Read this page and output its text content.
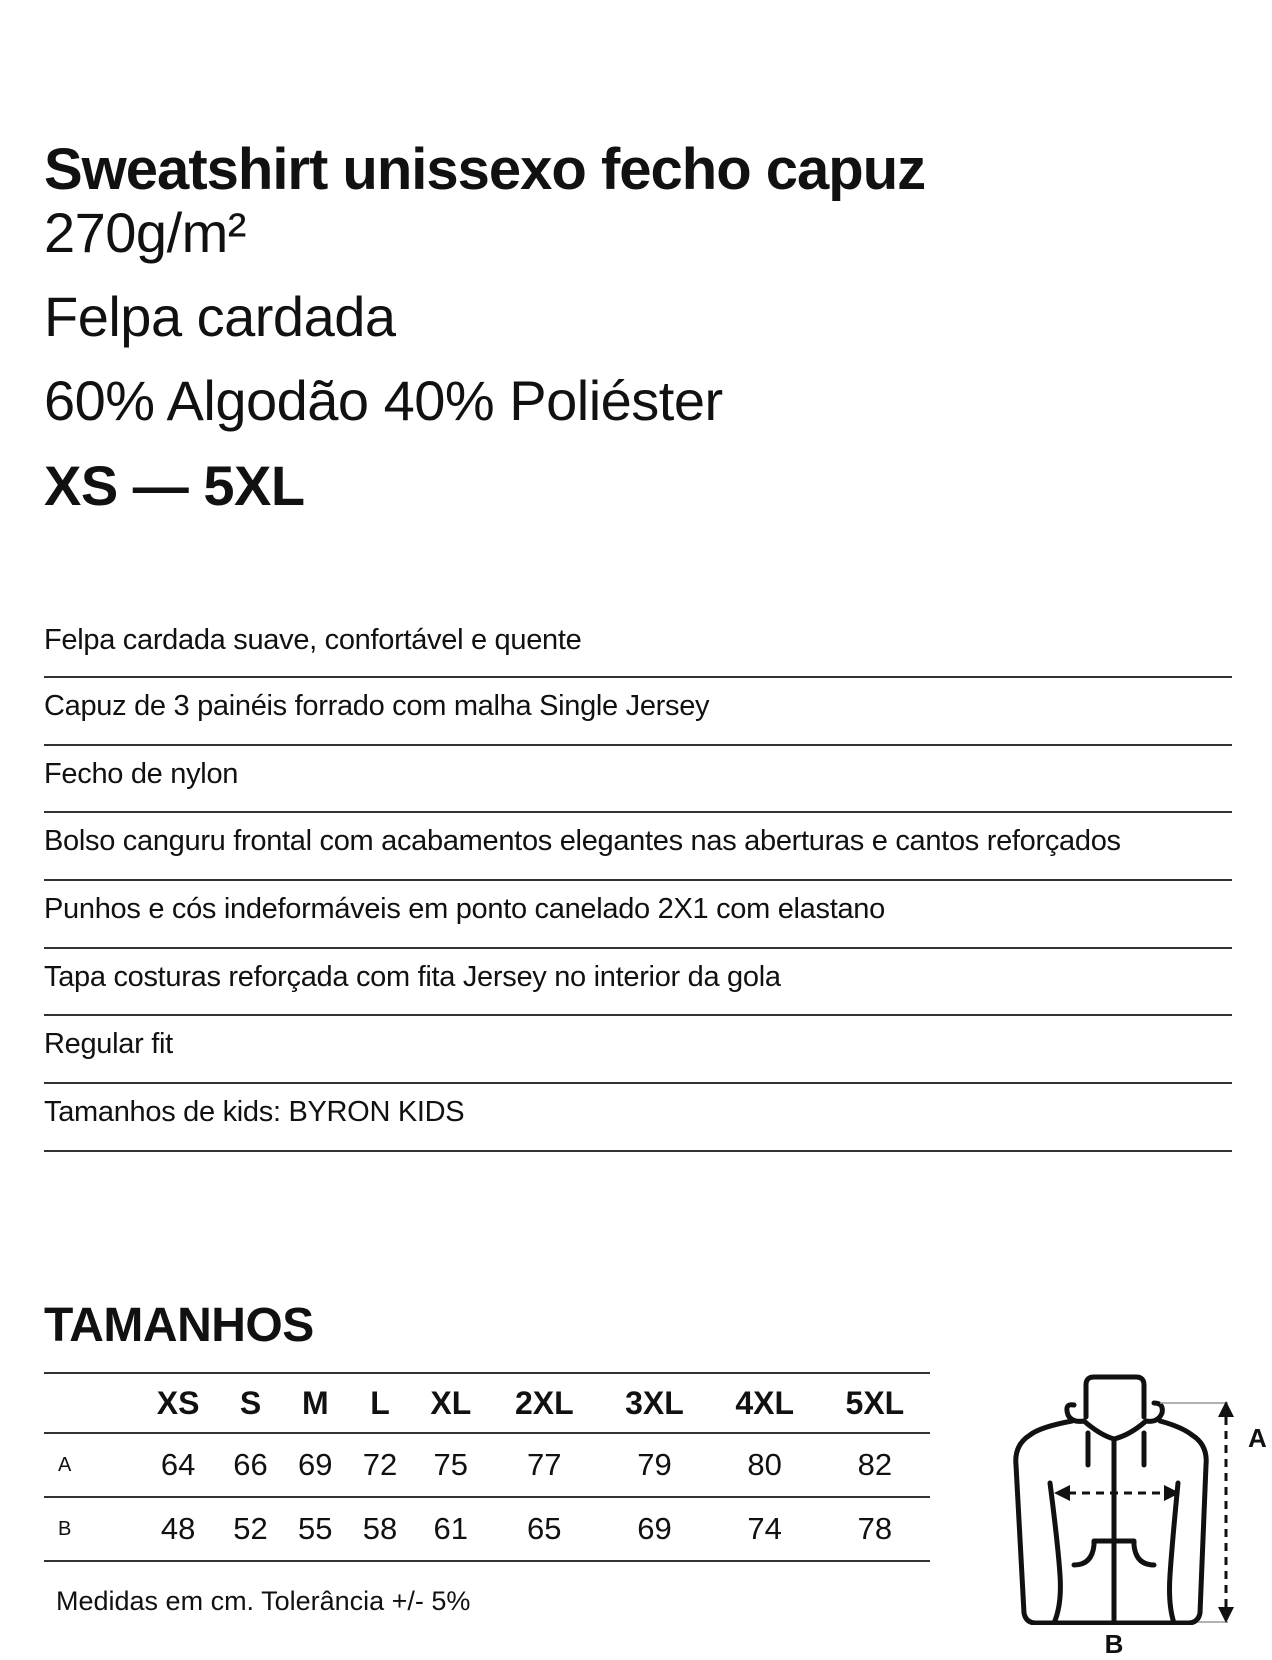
Sweatshirt unissexo fecho capuz
270g/m²
Felpa cardada
60% Algodão 40% Poliéster
XS — 5XL
Felpa cardada suave, confortável e quente
Capuz de 3 painéis forrado com malha Single Jersey
Fecho de nylon
Bolso canguru frontal com acabamentos elegantes nas aberturas e cantos reforçados
Punhos e cós indeformáveis em ponto canelado 2X1 com elastano
Tapa costuras reforçada com fita Jersey no interior da gola
Regular fit
Tamanhos de kids: BYRON KIDS
TAMANHOS
	XS	S	M	L	XL	2XL	3XL	4XL	5XL
A	64	66	69	72	75	77	79	80	82
B	48	52	55	58	61	65	69	74	78
Medidas em cm. Tolerância +/- 5%
A
B
